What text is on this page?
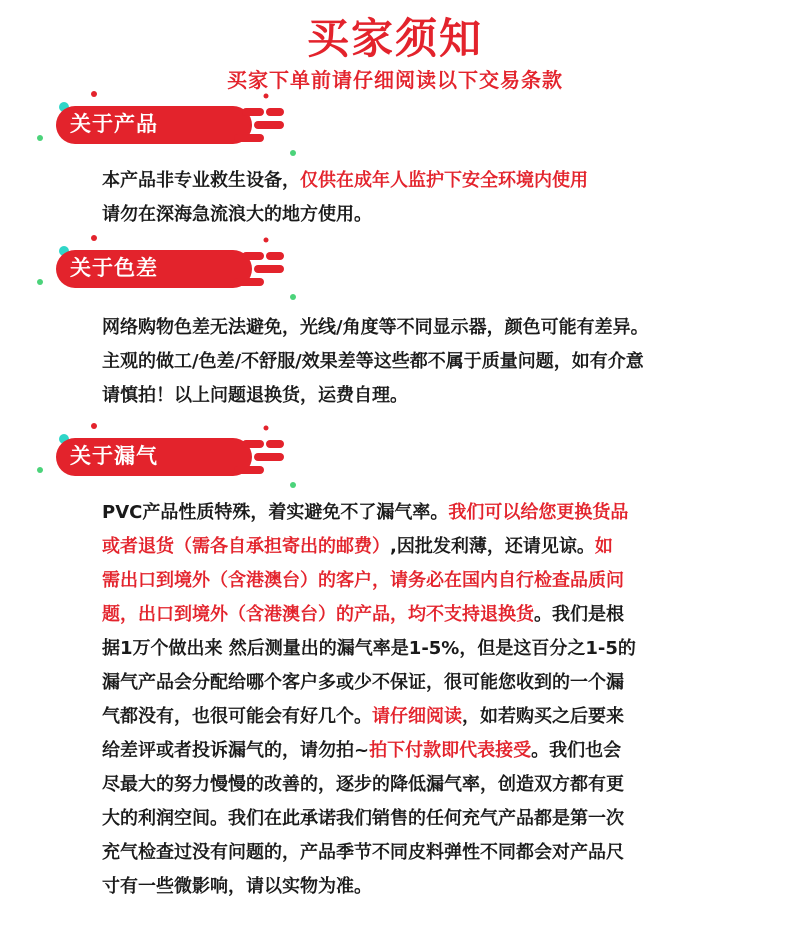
买家须知
买家下单前请仔细阅读以下交易条款
关于产品
关于色差
关于漏气
本产品非专业救生设备，仅供在成年人监护下安全环境内使用
请勿在深海急流浪大的地方使用。
网络购物色差无法避免，光线/角度等不同显示器，颜色可能有差异。
主观的做工/色差/不舒服/效果差等这些都不属于质量问题，如有介意
请慎拍！以上问题退换货，运费自理。
PVC产品性质特殊，着实避免不了漏气率。我们可以给您更换货品
或者退货（需各自承担寄出的邮费）,因批发利薄，还请见谅。如
需出口到境外（含港澳台）的客户，请务必在国内自行检查品质问
题，出口到境外（含港澳台）的产品，均不支持退换货。我们是根
据1万个做出来 然后测量出的漏气率是1-5%，但是这百分之1-5的
漏气产品会分配给哪个客户多或少不保证，很可能您收到的一个漏
气都没有，也很可能会有好几个。请仔细阅读，如若购买之后要来
给差评或者投诉漏气的，请勿拍~拍下付款即代表接受。我们也会
尽最大的努力慢慢的改善的，逐步的降低漏气率，创造双方都有更
大的利润空间。我们在此承诺我们销售的任何充气产品都是第一次
充气检查过没有问题的，产品季节不同皮料弹性不同都会对产品尺
寸有一些微影响，请以实物为准。
